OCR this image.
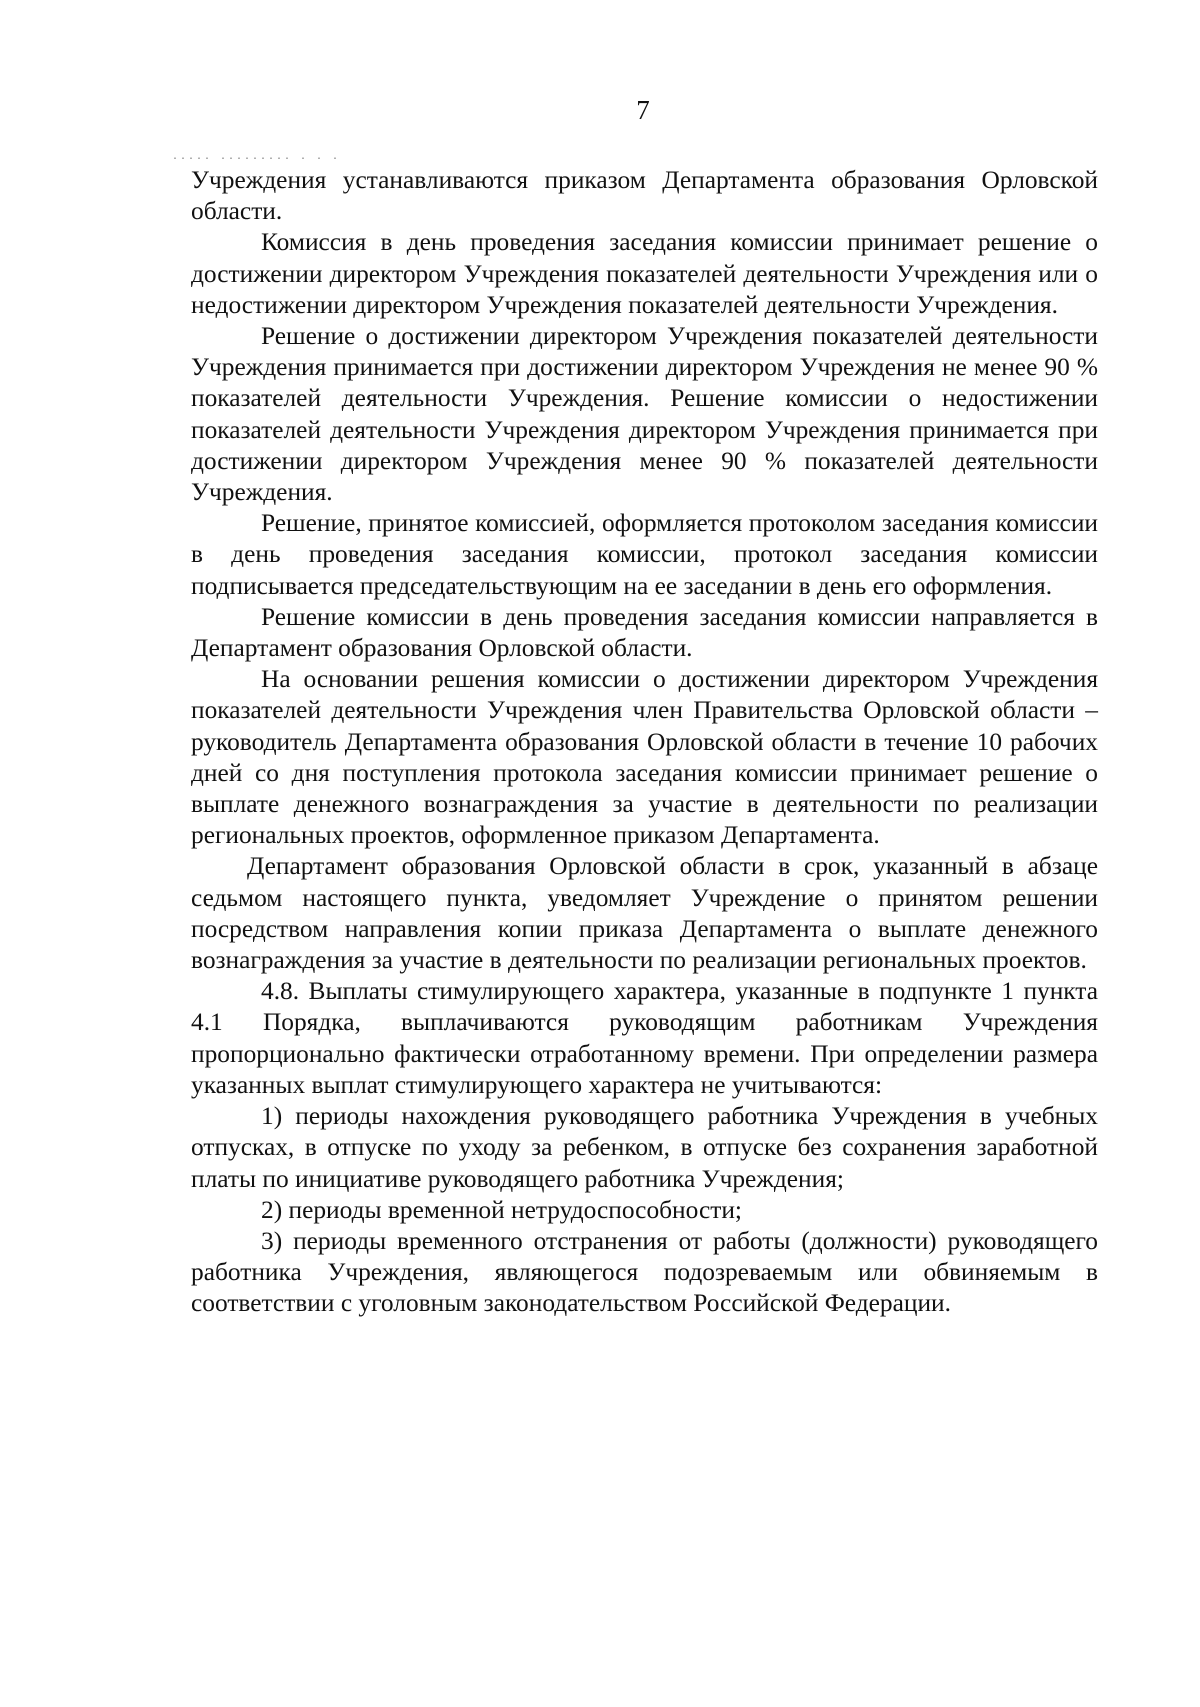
7
..... ......... . . .

Учреждения устанавливаются приказом Департамента образования Орловской области.

Комиссия в день проведения заседания комиссии принимает решение о достижении директором Учреждения показателей деятельности Учреждения или о недостижении директором Учреждения показателей деятельности Учреждения.

Решение о достижении директором Учреждения показателей деятельности Учреждения принимается при достижении директором Учреждения не менее 90 % показателей деятельности Учреждения. Решение комиссии о недостижении показателей деятельности Учреждения директором Учреждения принимается при достижении директором Учреждения менее 90 % показателей деятельности Учреждения.

Решение, принятое комиссией, оформляется протоколом заседания комиссии в день проведения заседания комиссии, протокол заседания комиссии подписывается председательствующим на ее заседании в день его оформления.

Решение комиссии в день проведения заседания комиссии направляется в Департамент образования Орловской области.

На основании решения комиссии о достижении директором Учреждения показателей деятельности Учреждения член Правительства Орловской области – руководитель Департамента образования Орловской области в течение 10 рабочих дней со дня поступления протокола заседания комиссии принимает решение о выплате денежного вознаграждения за участие в деятельности по реализации региональных проектов, оформленное приказом Департамента.

Департамент образования Орловской области в срок, указанный в абзаце седьмом настоящего пункта, уведомляет Учреждение о принятом решении посредством направления копии приказа Департамента о выплате денежного вознаграждения за участие в деятельности по реализации региональных проектов.

4.8. Выплаты стимулирующего характера, указанные в подпункте 1 пункта 4.1 Порядка, выплачиваются руководящим работникам Учреждения пропорционально фактически отработанному времени. При определении размера указанных выплат стимулирующего характера не учитываются:

1) периоды нахождения руководящего работника Учреждения в учебных отпусках, в отпуске по уходу за ребенком, в отпуске без сохранения заработной платы по инициативе руководящего работника Учреждения;

2) периоды временной нетрудоспособности;

3) периоды временного отстранения от работы (должности) руководящего работника Учреждения, являющегося подозреваемым или обвиняемым в соответствии с уголовным законодательством Российской Федерации.
